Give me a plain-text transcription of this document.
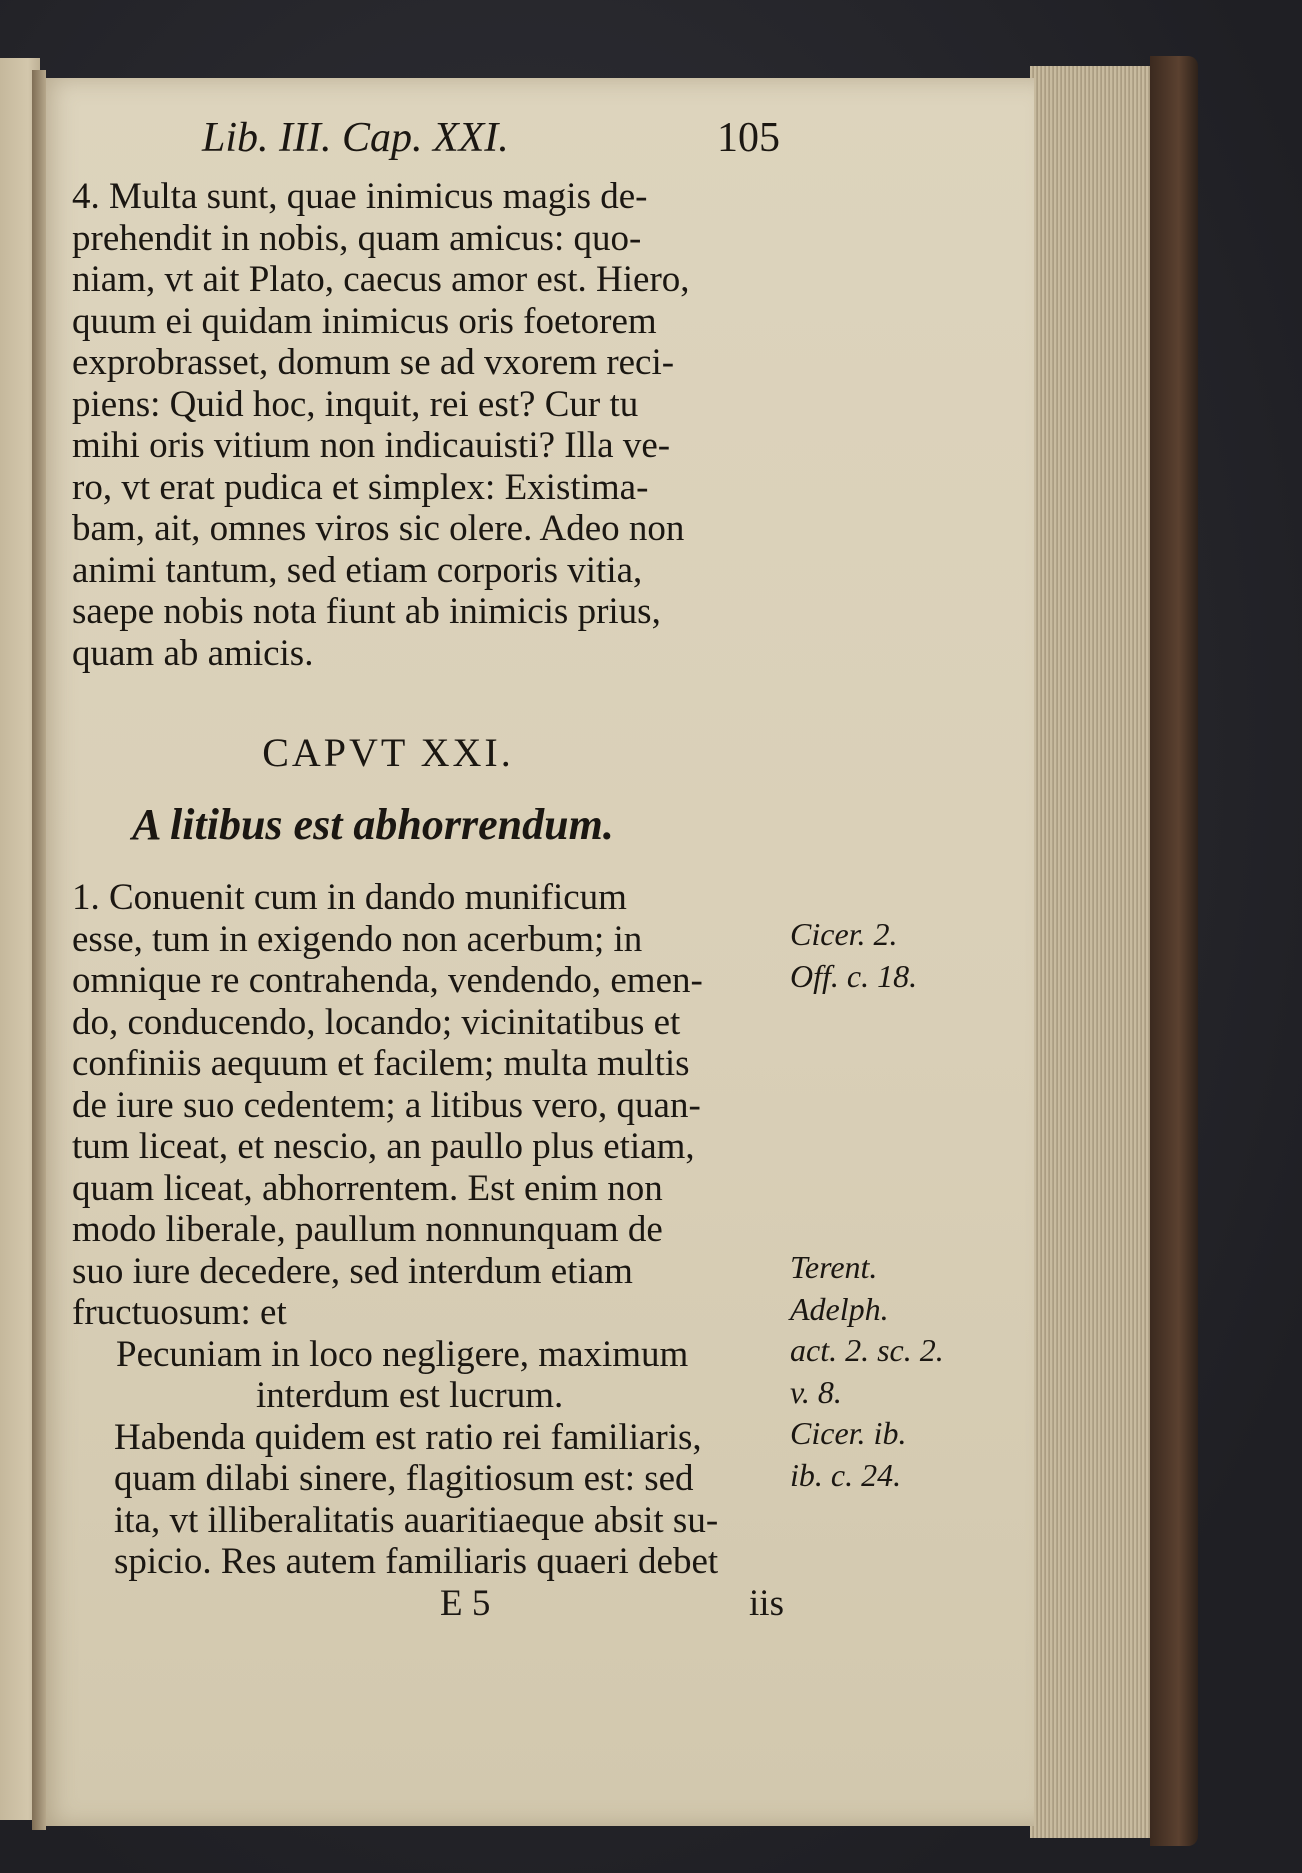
Lib. III. Cap. XXI.	105
4. Multa sunt, quae inimicus magis de-
prehendit in nobis, quam amicus: quo-
niam, vt ait Plato, caecus amor est. Hiero,
quum ei quidam inimicus oris foetorem
exprobrasset, domum se ad vxorem reci-
piens: Quid hoc, inquit, rei est? Cur tu
mihi oris vitium non indicauisti? Illa ve-
ro, vt erat pudica et simplex: Existima-
bam, ait, omnes viros sic olere. Adeo non
animi tantum, sed etiam corporis vitia,
saepe nobis nota fiunt ab inimicis prius,
quam ab amicis.
CAPVT XXI.
A litibus est abhorrendum.
1. Conuenit cum in dando munificum
esse, tum in exigendo non acerbum; in
omnique re contrahenda, vendendo, emen-
do, conducendo, locando; vicinitatibus et
confiniis aequum et facilem; multa multis
de iure suo cedentem; a litibus vero, quan-
tum liceat, et nescio, an paullo plus etiam,
quam liceat, abhorrentem. Est enim non
modo liberale, paullum nonnunquam de
suo iure decedere, sed interdum etiam
fructuosum: et
Pecuniam in loco negligere, maximum
interdum est lucrum.
Habenda quidem est ratio rei familiaris,
quam dilabi sinere, flagitiosum est: sed
ita, vt illiberalitatis auaritiaeque absit su-
spicio. Res autem familiaris quaeri debet
E 5	iis
Cicer. 2.
Off. c. 18.
Terent.
Adelph.
act. 2. sc. 2.
v. 8.
Cicer. ib.
ib. c. 24.
